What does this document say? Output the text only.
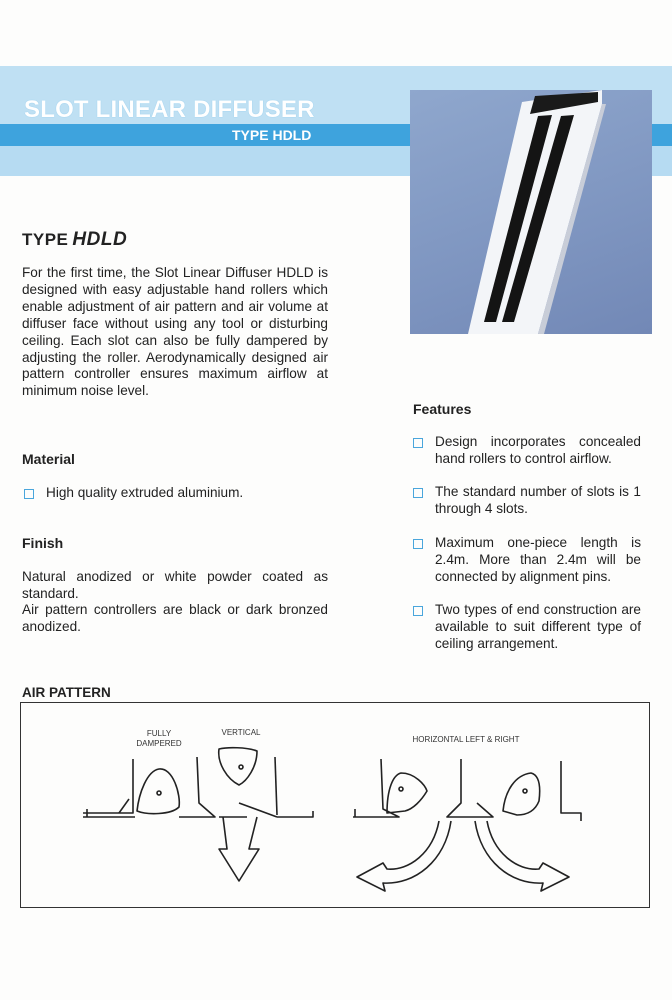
SLOT LINEAR DIFFUSER
TYPE HDLD
TYPE HDLD

For the first time, the Slot Linear Diffuser HDLD is designed with easy adjustable hand rollers which enable adjustment of air pattern and air volume at diffuser face without using any tool or disturbing ceiling. Each slot can also be fully dampered by adjusting the roller. Aerodynamically designed air pattern controller ensures maximum airflow at minimum noise level.

Material
High quality extruded aluminium.
Finish

Natural anodized or white powder coated as standard.

Air pattern controllers are black or dark bronzed anodized.

Features
Design incorporates concealed hand rollers to control airflow.
The standard number of slots is 1 through 4 slots.
Maximum one-piece length is 2.4m. More than 2.4m will be connected by alignment pins.
Two types of end construction are available to suit different type of ceiling arrangement.
AIR PATTERN
FULLY
DAMPERED
VERTICAL
HORIZONTAL LEFT & RIGHT
